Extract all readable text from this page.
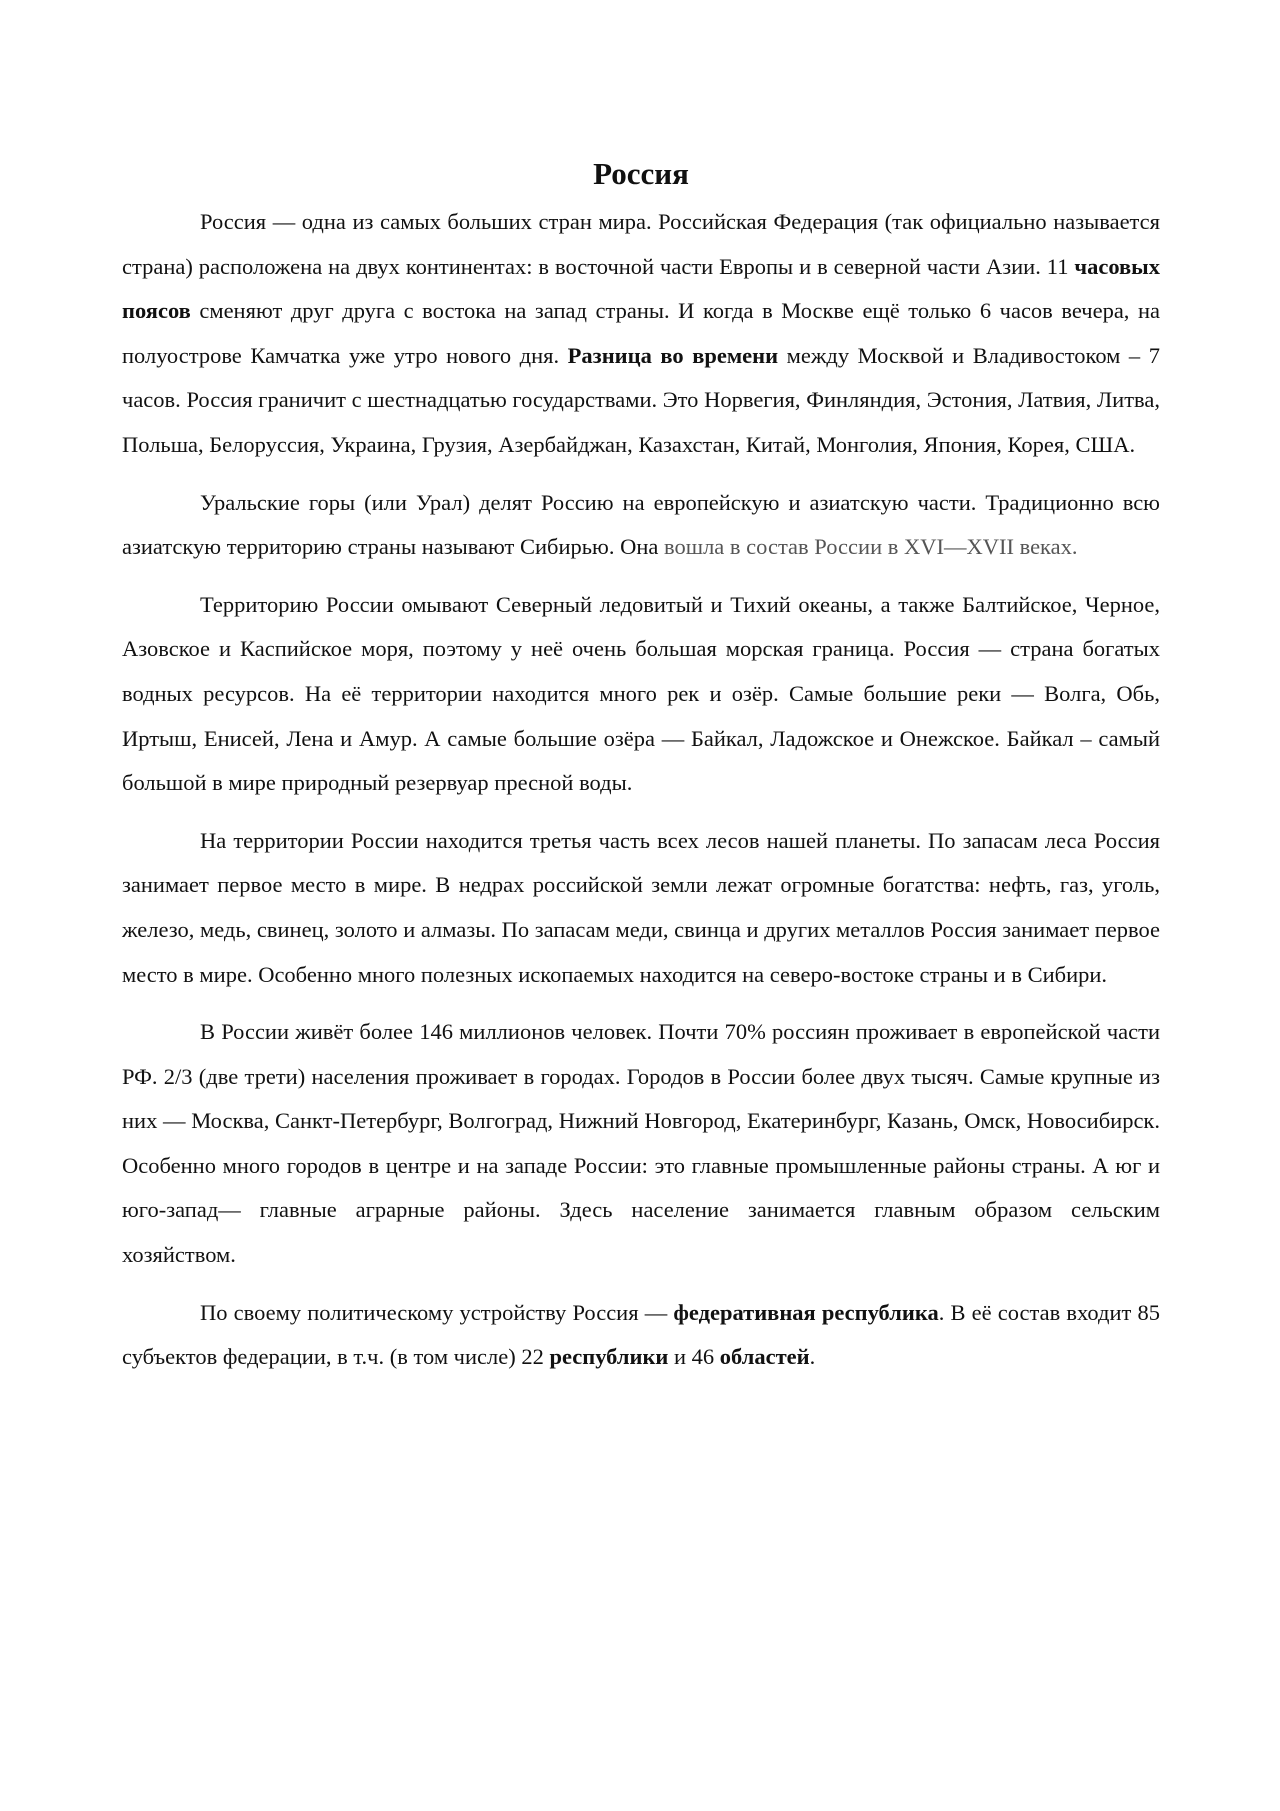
Россия

Россия — одна из самых больших стран мира. Российская Федерация (так официально называется страна) расположена на двух континентах: в восточной части Европы и в северной части Азии. 11 часовых поясов сменяют друг друга с востока на запад страны. И когда в Москве ещё только 6 часов вечера, на полуострове Камчатка уже утро нового дня. Разница во времени между Москвой и Владивостоком – 7 часов. Россия граничит с шестнадцатью государствами. Это Норвегия, Финляндия, Эстония, Латвия, Литва, Польша, Белоруссия, Украина, Грузия, Азербайджан, Казахстан, Китай, Монголия, Япония, Корея, США.

Уральские горы (или Урал) делят Россию на европейскую и азиатскую части. Традиционно всю азиатскую территорию страны называют Сибирью. Она вошла в состав России в XVI—XVII веках.

Территорию России омывают Северный ледовитый и Тихий океаны, а также Балтийское, Черное, Азовское и Каспийское моря, поэтому у неё очень большая морская граница. Россия — страна богатых водных ресурсов. На её территории находится много рек и озёр. Самые большие реки — Волга, Обь, Иртыш, Енисей, Лена и Амур. А самые большие озёра — Байкал, Ладожское и Онежское. Байкал – самый большой в мире природный резервуар пресной воды.

На территории России находится третья часть всех лесов нашей планеты. По запасам леса Россия занимает первое место в мире. В недрах российской земли лежат огромные богатства: нефть, газ, уголь, железо, медь, свинец, золото и алмазы. По запасам меди, свинца и других металлов Россия занимает первое место в мире. Особенно много полезных ископаемых находится на северо-востоке страны и в Сибири.

В России живёт более 146 миллионов человек. Почти 70% россиян проживает в европейской части РФ. 2/3 (две трети) населения проживает в городах. Городов в России более двух тысяч. Самые крупные из них — Москва, Санкт-Петербург, Волгоград, Нижний Новгород, Екатеринбург, Казань, Омск, Новосибирск. Особенно много городов в центре и на западе России: это главные промышленные районы страны. А юг и юго-запад— главные аграрные районы. Здесь население занимается главным образом сельским хозяйством.

По своему политическому устройству Россия — федеративная республика. В её состав входит 85 субъектов федерации, в т.ч. (в том числе) 22 республики и 46 областей.
